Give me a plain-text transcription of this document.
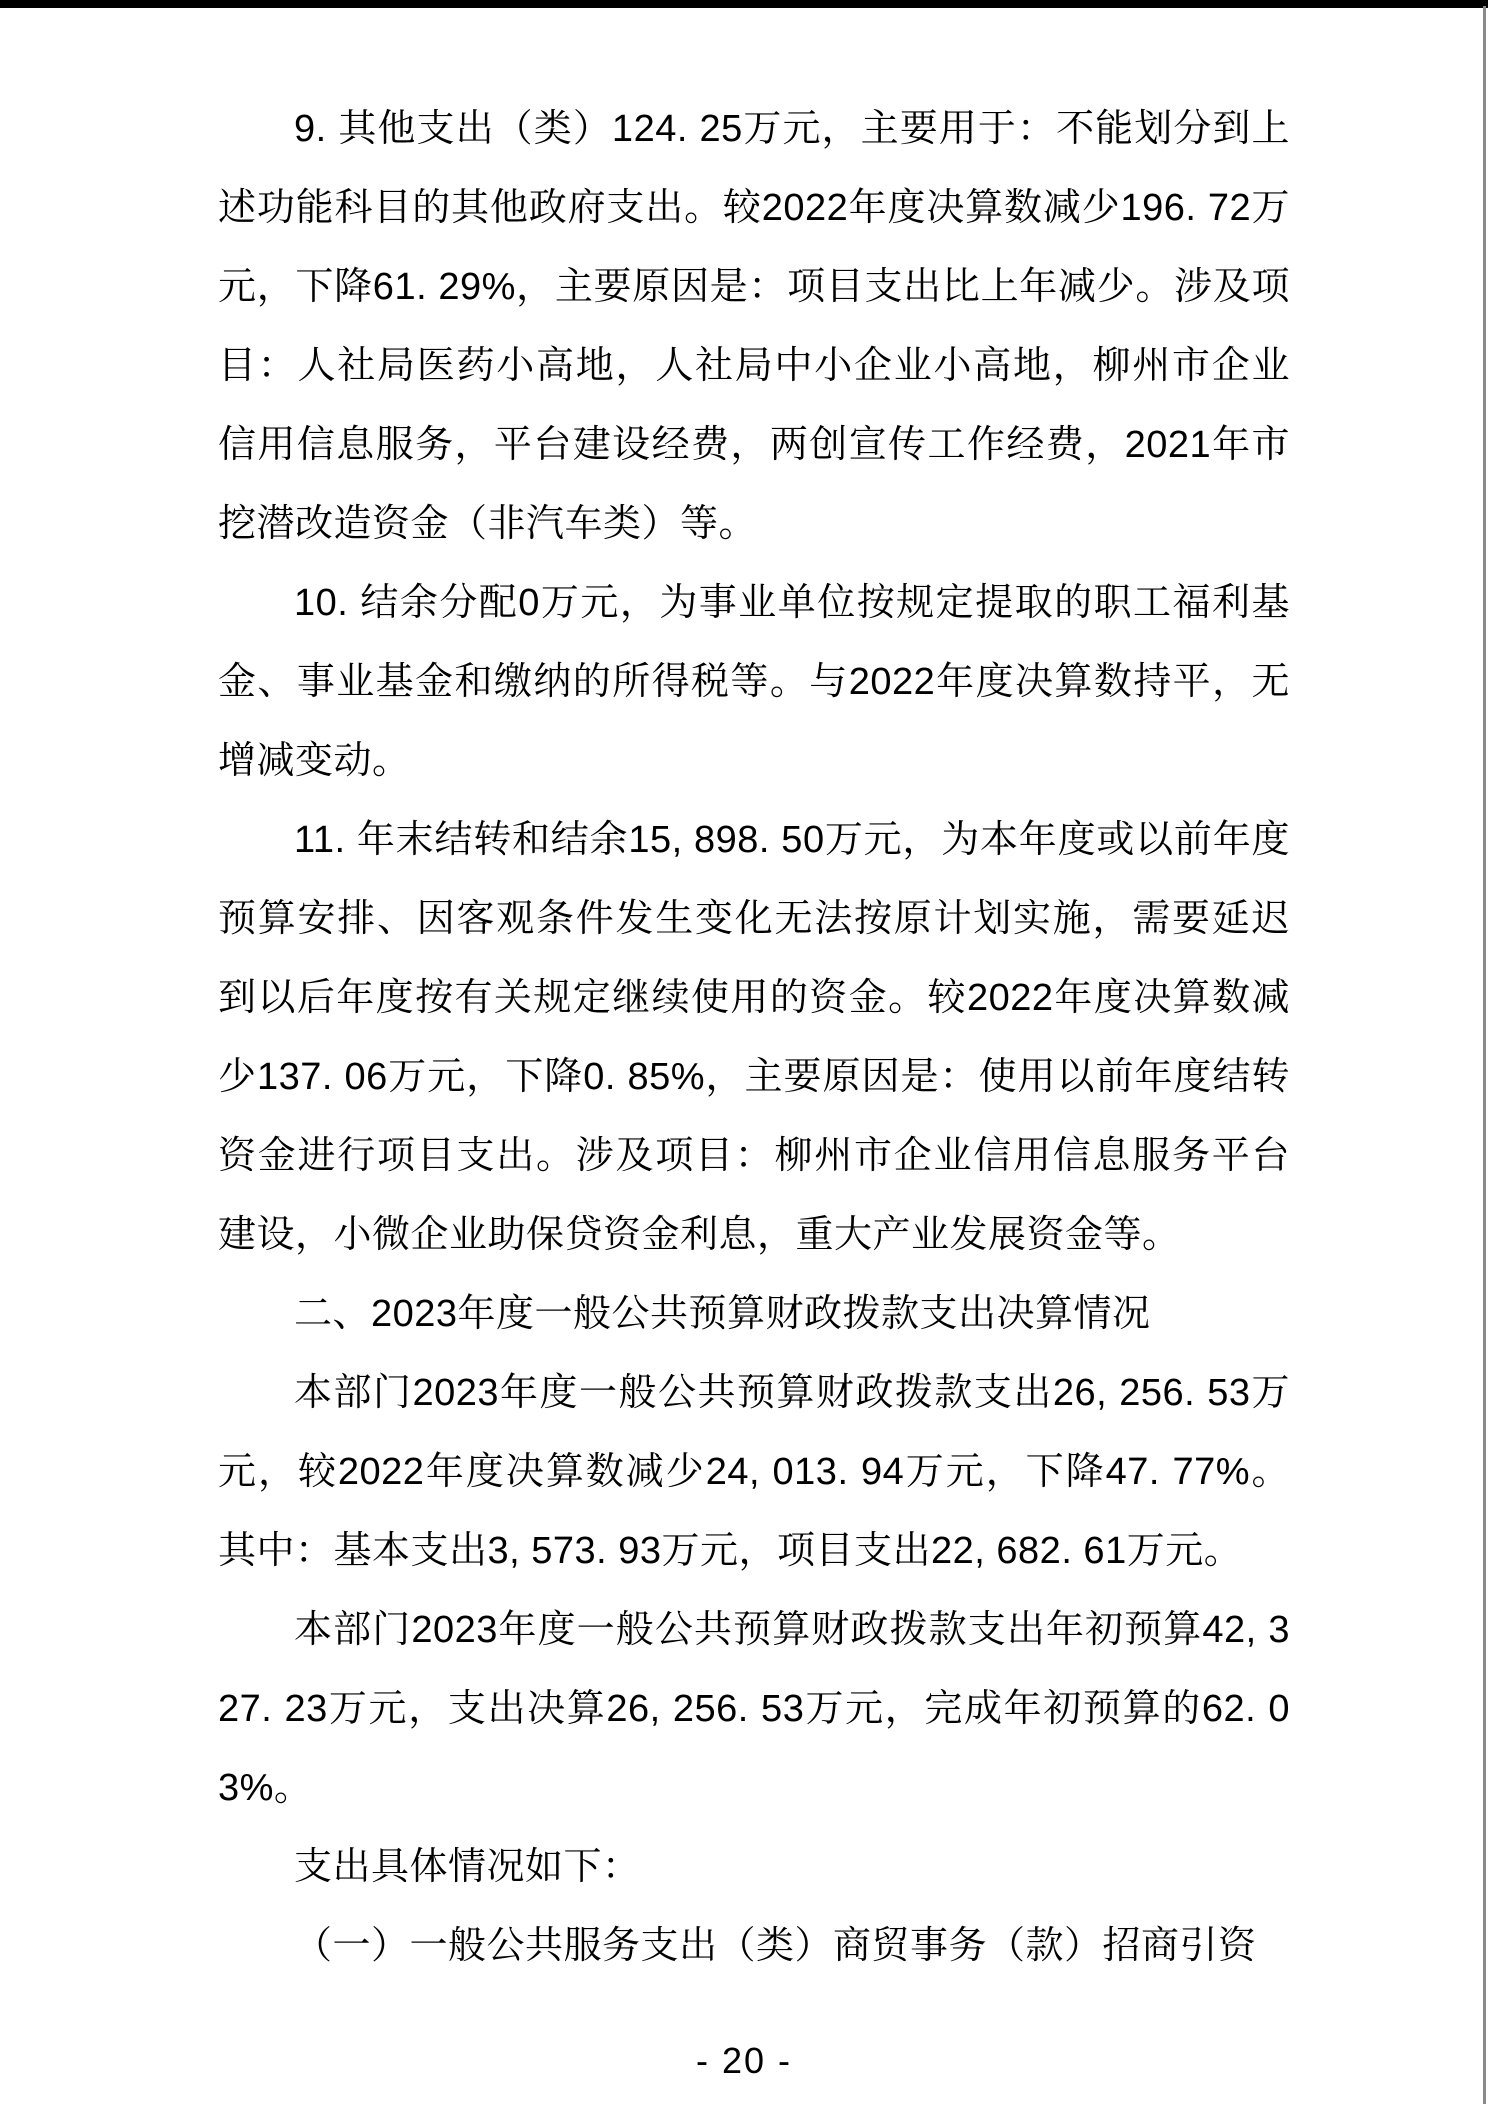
9. 其他支出（类）124. 25万元，主要用于：不能划分到上述功能科目的其他政府支出。较2022年度决算数减少196. 72万元，下降61. 29%，主要原因是：项目支出比上年减少。涉及项目：人社局医药小高地，人社局中小企业小高地，柳州市企业信用信息服务，平台建设经费，两创宣传工作经费，2021年市挖潜改造资金（非汽车类）等。

10. 结余分配0万元，为事业单位按规定提取的职工福利基金、事业基金和缴纳的所得税等。与2022年度决算数持平，无增减变动。

11. 年末结转和结余15, 898. 50万元，为本年度或以前年度预算安排、因客观条件发生变化无法按原计划实施，需要延迟到以后年度按有关规定继续使用的资金。较2022年度决算数减少137. 06万元，下降0. 85%，主要原因是：使用以前年度结转资金进行项目支出。涉及项目：柳州市企业信用信息服务平台建设，小微企业助保贷资金利息，重大产业发展资金等。

二、2023年度一般公共预算财政拨款支出决算情况

本部门2023年度一般公共预算财政拨款支出26, 256. 53万元，较2022年度决算数减少24, 013. 94万元，下降47. 77%。其中：基本支出3, 573. 93万元，项目支出22, 682. 61万元。

本部门2023年度一般公共预算财政拨款支出年初预算42, 327. 23万元，支出决算26, 256. 53万元，完成年初预算的62. 03%。

支出具体情况如下：

（一）一般公共服务支出（类）商贸事务（款）招商引资

- 20 -
